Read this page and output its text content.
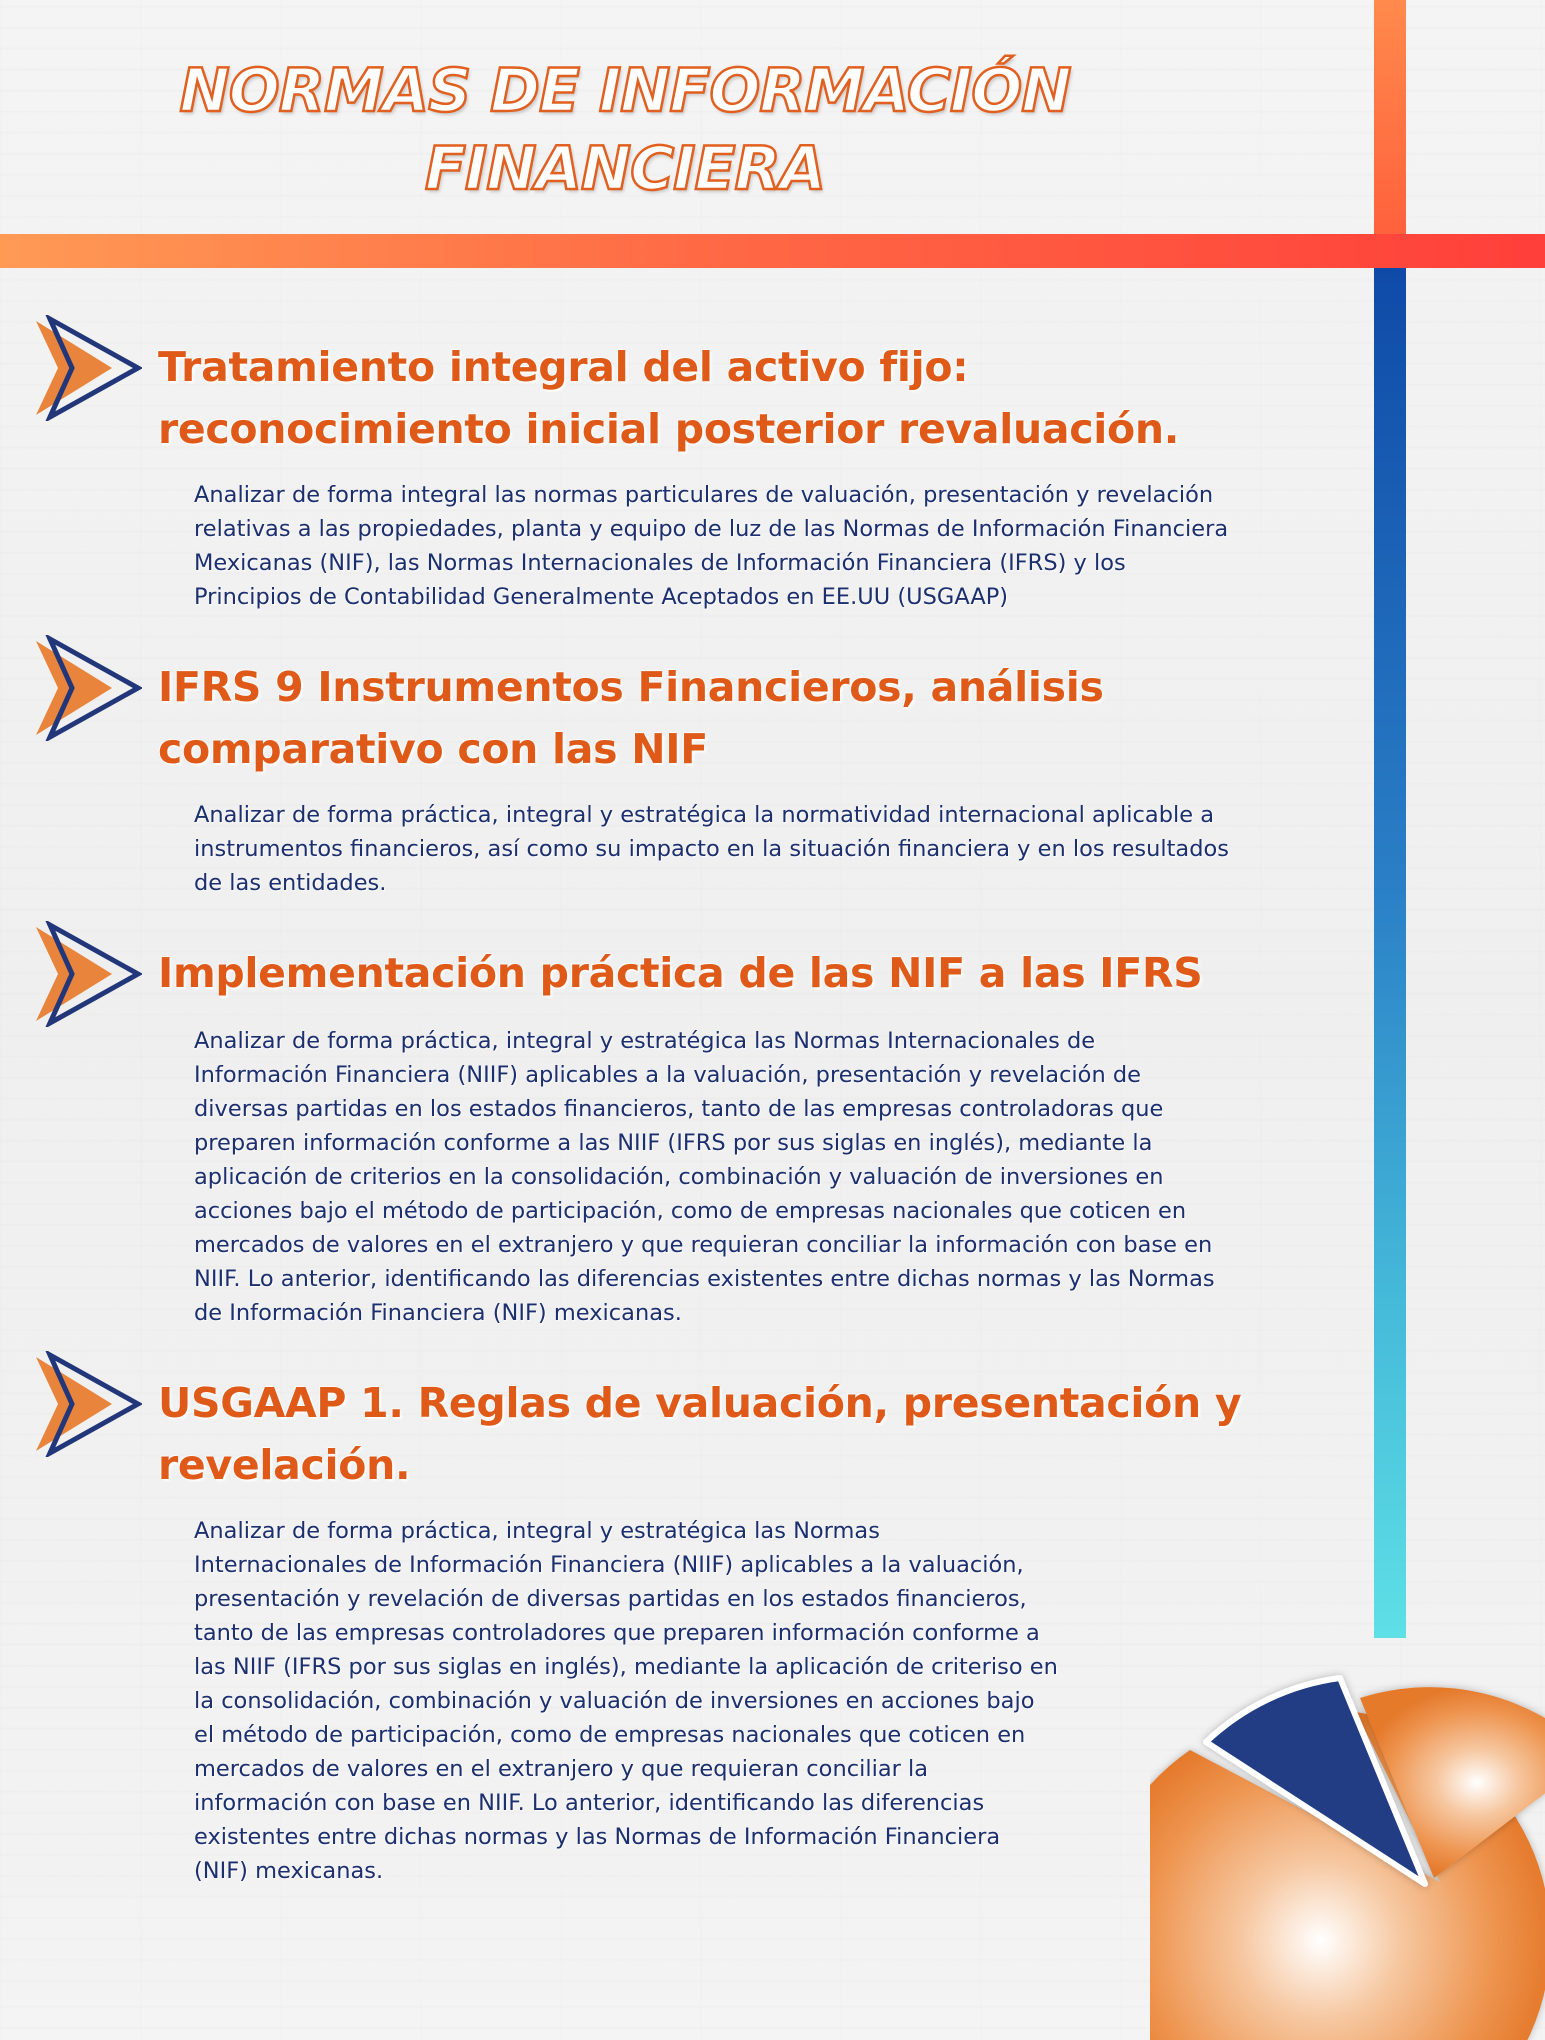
NORMAS DE INFORMACIÓN
FINANCIERA
Tratamiento integral del activo fijo:
reconocimiento inicial posterior revaluación.
Analizar de forma integral las normas particulares de valuación, presentación y revelación
relativas a las propiedades, planta y equipo de luz de las Normas de Información Financiera
Mexicanas (NIF), las Normas Internacionales de Información Financiera (IFRS) y los
Principios de Contabilidad Generalmente Aceptados en EE.UU (USGAAP)
IFRS 9 Instrumentos Financieros, análisis
comparativo con las NIF
Analizar de forma práctica, integral y estratégica la normatividad internacional aplicable a
instrumentos financieros, así como su impacto en la situación financiera y en los resultados
de las entidades.
Implementación práctica de las NIF a las IFRS
Analizar de forma práctica, integral y estratégica las Normas Internacionales de
Información Financiera (NIIF) aplicables a la valuación, presentación y revelación de
diversas partidas en los estados financieros, tanto de las empresas controladoras que
preparen información conforme a las NIIF (IFRS por sus siglas en inglés), mediante la
aplicación de criterios en la consolidación, combinación y valuación de inversiones en
acciones bajo el método de participación, como de empresas nacionales que coticen en
mercados de valores en el extranjero y que requieran conciliar la información con base en
NIIF. Lo anterior, identificando las diferencias existentes entre dichas normas y las Normas
de Información Financiera (NIF) mexicanas.
USGAAP 1. Reglas de valuación, presentación y
revelación.
Analizar de forma práctica, integral y estratégica las Normas
Internacionales de Información Financiera (NIIF) aplicables a la valuación,
presentación y revelación de diversas partidas en los estados financieros,
tanto de las empresas controladores que preparen información conforme a
las NIIF (IFRS por sus siglas en inglés), mediante la aplicación de criteriso en
la consolidación, combinación y valuación de inversiones en acciones bajo
el método de participación, como de empresas nacionales que coticen en
mercados de valores en el extranjero y que requieran conciliar la
información con base en NIIF. Lo anterior, identificando las diferencias
existentes entre dichas normas y las Normas de Información Financiera
(NIF) mexicanas.
